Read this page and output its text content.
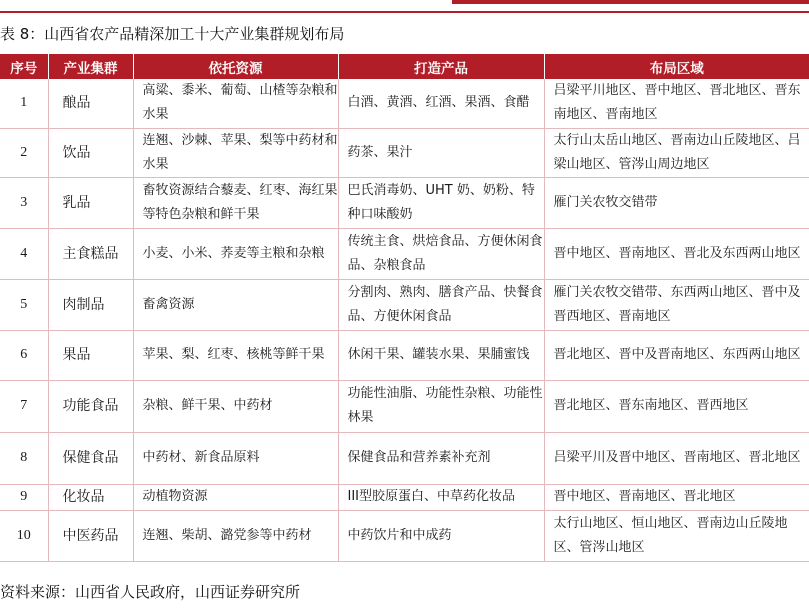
表 8：山西省农产品精深加工十大产业集群规划布局
序号	产业集群	依托资源	打造产品	布局区域
1	酿品	高粱、黍米、葡萄、山楂等杂粮和水果	白酒、黄酒、红酒、果酒、食醋	吕梁平川地区、晋中地区、晋北地区、晋东南地区、晋南地区
2	饮品	连翘、沙棘、苹果、梨等中药材和水果	药茶、果汁	太行山太岳山地区、晋南边山丘陵地区、吕梁山地区、管涔山周边地区
3	乳品	畜牧资源结合藜麦、红枣、海红果等特色杂粮和鲜干果	巴氏消毒奶、UHT 奶、奶粉、特种口味酸奶	雁门关农牧交错带
4	主食糕品	小麦、小米、荞麦等主粮和杂粮	传统主食、烘焙食品、方便休闲食品、杂粮食品	晋中地区、晋南地区、晋北及东西两山地区
5	肉制品	畜禽资源	分割肉、熟肉、膳食产品、快餐食品、方便休闲食品	雁门关农牧交错带、东西两山地区、晋中及晋西地区、晋南地区
6	果品	苹果、梨、红枣、核桃等鲜干果	休闲干果、罐装水果、果脯蜜饯	晋北地区、晋中及晋南地区、东西两山地区
7	功能食品	杂粮、鲜干果、中药材	功能性油脂、功能性杂粮、功能性林果	晋北地区、晋东南地区、晋西地区
8	保健食品	中药材、新食品原料	保健食品和营养素补充剂	吕梁平川及晋中地区、晋南地区、晋北地区
9	化妆品	动植物资源	III型胶原蛋白、中草药化妆品	晋中地区、晋南地区、晋北地区
10	中医药品	连翘、柴胡、潞党参等中药材	中药饮片和中成药	太行山地区、恒山地区、晋南边山丘陵地区、管涔山地区
资料来源：山西省人民政府，山西证券研究所
